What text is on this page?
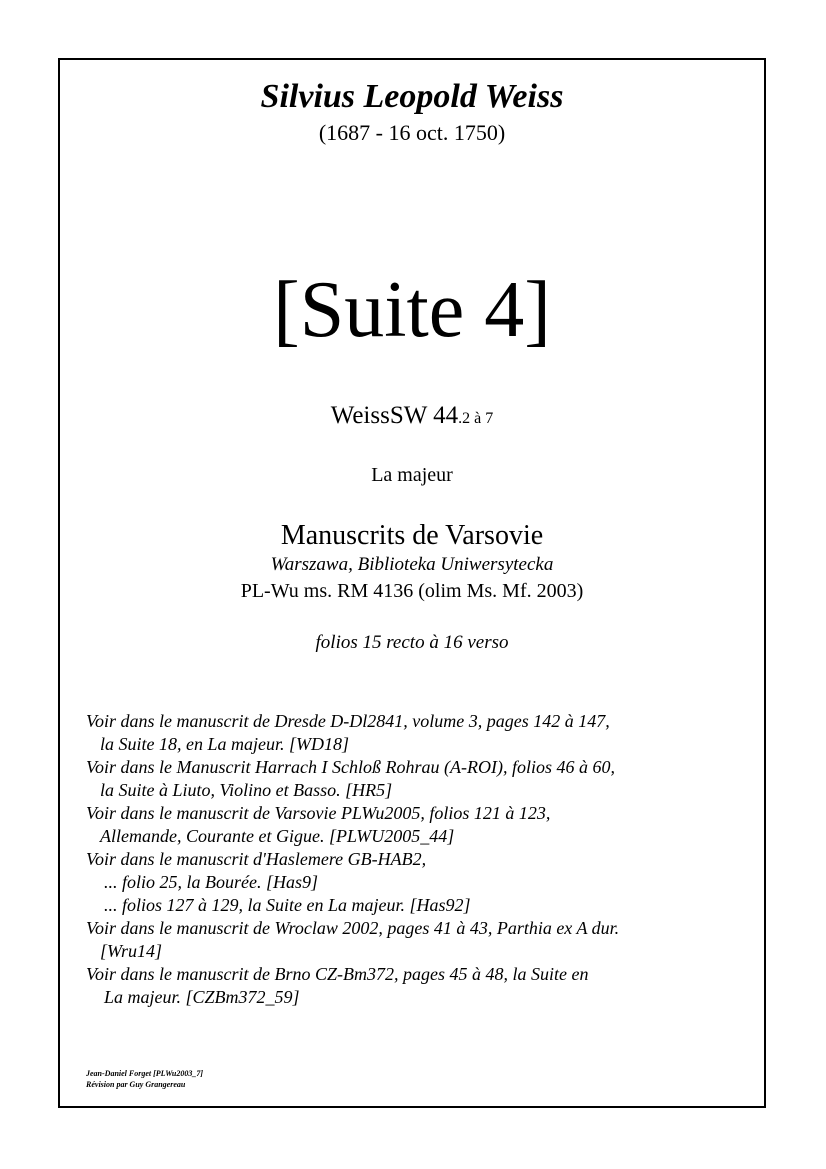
Silvius Leopold Weiss
(1687 - 16 oct. 1750)
[Suite 4]
WeissSW 44.2 à 7
La majeur
Manuscrits de Varsovie
Warszawa, Biblioteka Uniwersytecka
PL-Wu ms. RM 4136 (olim Ms. Mf. 2003)
folios 15 recto à 16 verso
Voir dans le manuscrit de Dresde D-Dl2841, volume 3, pages 142 à 147,
la Suite 18, en La majeur. [WD18]
Voir dans le Manuscrit Harrach I Schloß Rohrau (A-ROI), folios 46 à 60,
la Suite à Liuto, Violino et Basso. [HR5]
Voir dans le manuscrit de Varsovie PLWu2005, folios 121 à 123,
Allemande, Courante et Gigue. [PLWU2005_44]
Voir dans le manuscrit d'Haslemere GB-HAB2,
... folio 25, la Bourée. [Has9]
... folios 127 à 129, la Suite en La majeur. [Has92]
Voir dans le manuscrit de Wroclaw 2002, pages 41 à 43, Parthia ex A dur.
[Wru14]
Voir dans le manuscrit de Brno CZ-Bm372, pages 45 à 48, la Suite en
La majeur. [CZBm372_59]
Jean-Daniel Forget [PLWu2003_7]
Révision par Guy Grangereau
